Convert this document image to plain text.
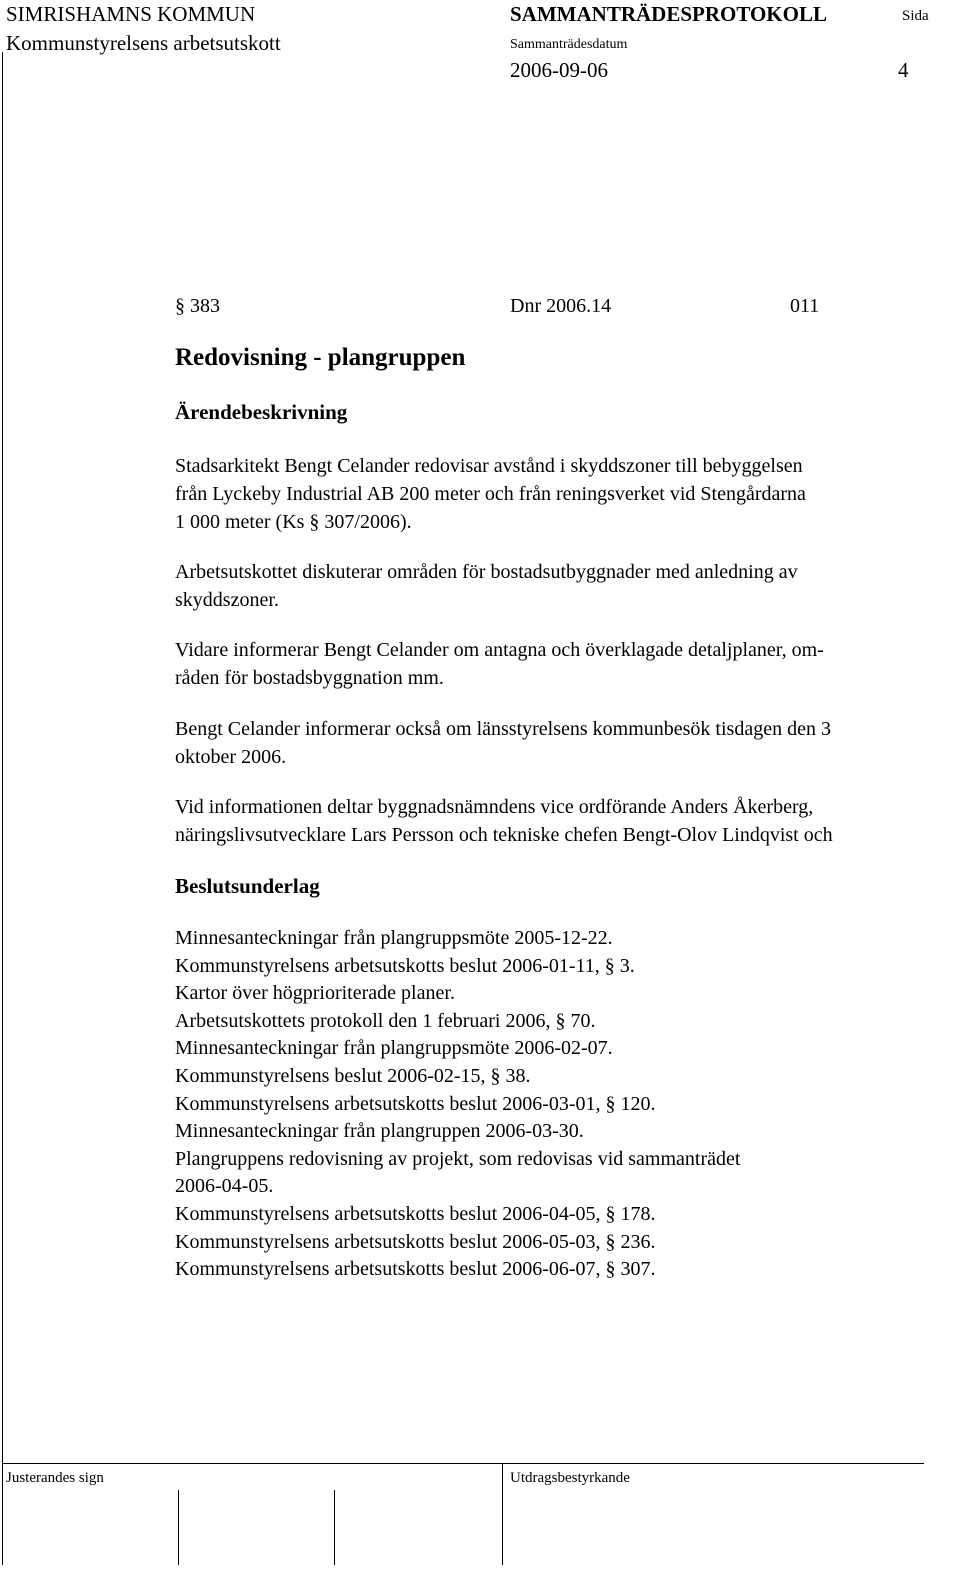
SIMRISHAMNS KOMMUN
Kommunstyrelsens arbetsutskott
SAMMANTRÄDESPROTOKOLL	Sida
Sammanträdesdatum
2006-09-06	4
§ 383	Dnr 2006.14	011
Redovisning - plangruppen
Ärendebeskrivning
Stadsarkitekt Bengt Celander redovisar avstånd i skyddszoner till bebyggelsen
från Lyckeby Industrial AB 200 meter och från reningsverket vid Stengårdarna
1 000 meter (Ks § 307/2006).
Arbetsutskottet diskuterar områden för bostadsutbyggnader med anledning av
skyddszoner.
Vidare informerar Bengt Celander om antagna och överklagade detaljplaner, om-
råden för bostadsbyggnation mm.
Bengt Celander informerar också om länsstyrelsens kommunbesök tisdagen den 3
oktober 2006.
Vid informationen deltar byggnadsnämndens vice ordförande Anders Åkerberg,
näringslivsutvecklare Lars Persson och tekniske chefen Bengt-Olov Lindqvist och
Beslutsunderlag
Minnesanteckningar från plangruppsmöte 2005-12-22.
Kommunstyrelsens arbetsutskotts beslut 2006-01-11, § 3.
Kartor över högprioriterade planer.
Arbetsutskottets protokoll den 1 februari 2006, § 70.
Minnesanteckningar från plangruppsmöte 2006-02-07.
Kommunstyrelsens beslut 2006-02-15, § 38.
Kommunstyrelsens arbetsutskotts beslut 2006-03-01, § 120.
Minnesanteckningar från plangruppen 2006-03-30.
Plangruppens redovisning av projekt, som redovisas vid sammanträdet
2006-04-05.
Kommunstyrelsens arbetsutskotts beslut 2006-04-05, § 178.
Kommunstyrelsens arbetsutskotts beslut 2006-05-03, § 236.
Kommunstyrelsens arbetsutskotts beslut 2006-06-07, § 307.
Justerandes sign	Utdragsbestyrkande
